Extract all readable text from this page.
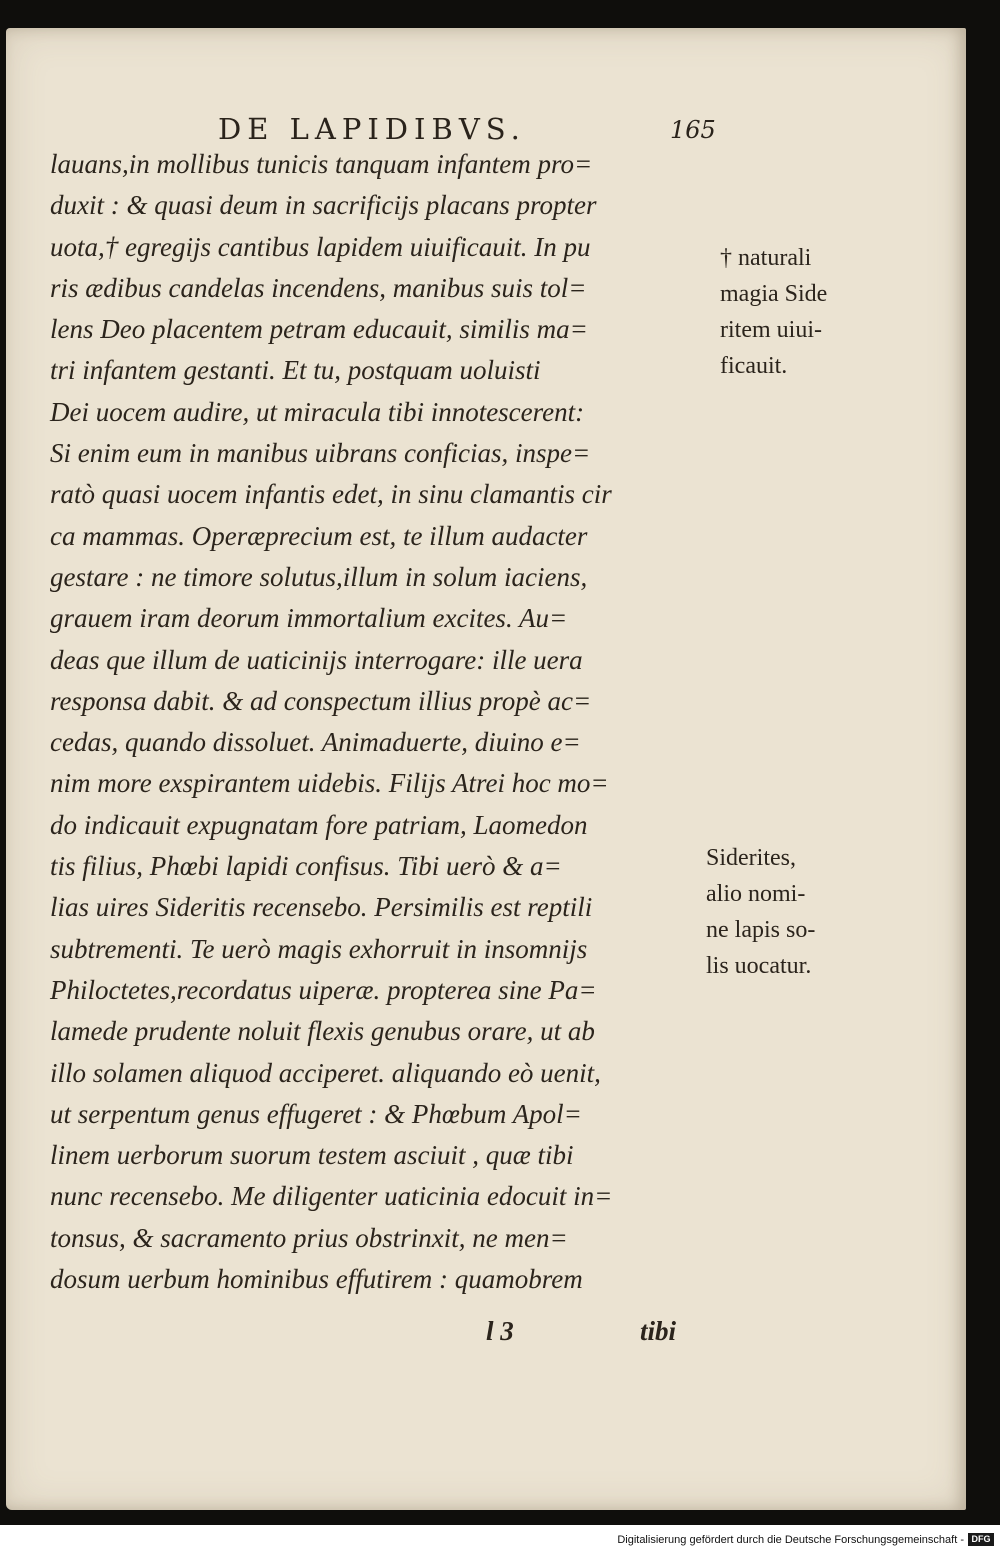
DE LAPIDIBVS.	165
lauans,in mollibus tunicis tanquam infantem pro=
duxit : & quasi deum in sacrificijs placans propter
uota,† egregijs cantibus lapidem uiuificauit. In pu
ris ædibus candelas incendens, manibus suis tol=
lens Deo placentem petram educauit, similis ma=
tri infantem gestanti. Et tu, postquam uoluisti
Dei uocem audire, ut miracula tibi innotescerent:
Si enim eum in manibus uibrans conficias, inspe=
ratò quasi uocem infantis edet, in sinu clamantis cir
ca mammas. Operæprecium est, te illum audacter
gestare : ne timore solutus,illum in solum iaciens,
grauem iram deorum immortalium excites. Au=
deas que illum de uaticinijs interrogare: ille uera
responsa dabit. & ad conspectum illius propè ac=
cedas, quando dissoluet. Animaduerte, diuino e=
nim more exspirantem uidebis. Filijs Atrei hoc mo=
do indicauit expugnatam fore patriam, Laomedon
tis filius, Phœbi lapidi confisus. Tibi uerò & a=
lias uires Sideritis recensebo. Persimilis est reptili
subtrementi. Te uerò magis exhorruit in insomnijs
Philoctetes,recordatus uiperæ. propterea sine Pa=
lamede prudente noluit flexis genubus orare, ut ab
illo solamen aliquod acciperet. aliquando eò uenit,
ut serpentum genus effugeret : & Phœbum Apol=
linem uerborum suorum testem asciuit , quæ tibi
nunc recensebo. Me diligenter uaticinia edocuit in=
tonsus, & sacramento prius obstrinxit, ne men=
dosum uerbum hominibus effutirem : quamobrem
† naturali
magia Side
ritem uiui-
ficauit.
Siderites,
alio nomi-
ne lapis so-
lis uocatur.
l 3	tibi
Digitalisierung gefördert durch die Deutsche Forschungsgemeinschaft - DFG
